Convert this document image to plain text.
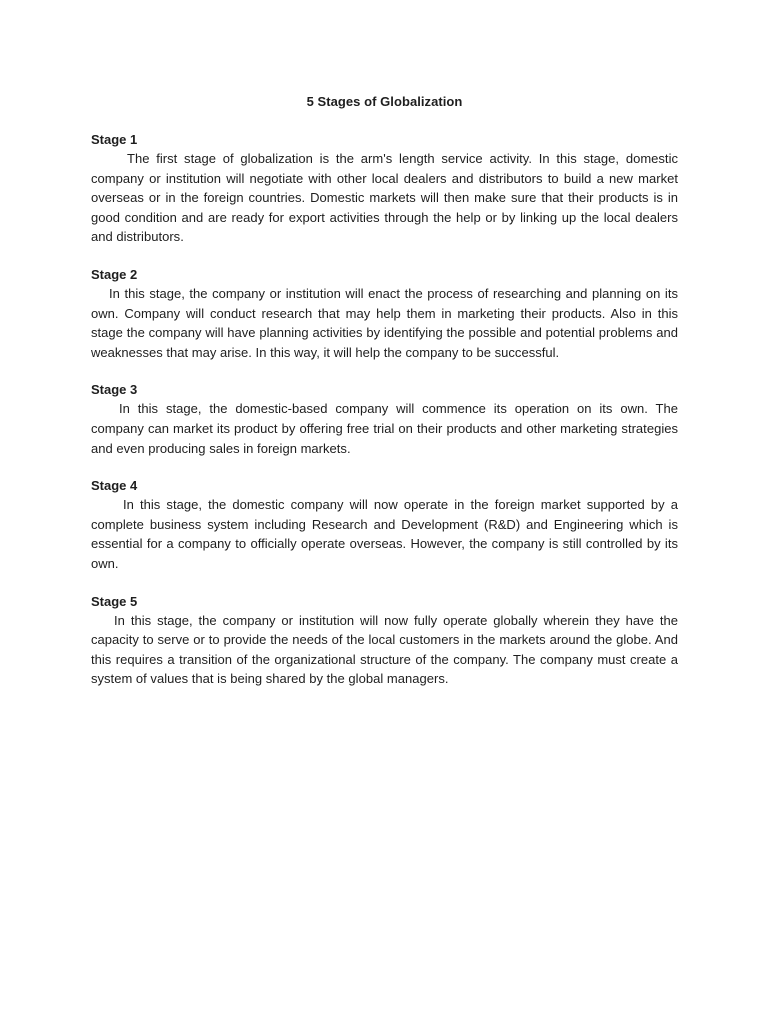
5 Stages of Globalization
Stage 1

The first stage of globalization is the arm's length service activity. In this stage, domestic company or institution will negotiate with other local dealers and distributors to build a new market overseas or in the foreign countries. Domestic markets will then make sure that their products is in good condition and are ready for export activities through the help or by linking up the local dealers and distributors.

Stage 2

In this stage, the company or institution will enact the process of researching and planning on its own. Company will conduct research that may help them in marketing their products. Also in this stage the company will have planning activities by identifying the possible and potential problems and weaknesses that may arise. In this way, it will help the company to be successful.

Stage 3

In this stage, the domestic-based company will commence its operation on its own. The company can market its product by offering free trial on their products and other marketing strategies and even producing sales in foreign markets.

Stage 4

In this stage, the domestic company will now operate in the foreign market supported by a complete business system including Research and Development (R&D) and Engineering which is essential for a company to officially operate overseas. However, the company is still controlled by its own.

Stage 5

In this stage, the company or institution will now fully operate globally wherein they have the capacity to serve or to provide the needs of the local customers in the markets around the globe. And this requires a transition of the organizational structure of the company. The company must create a system of values that is being shared by the global managers.
